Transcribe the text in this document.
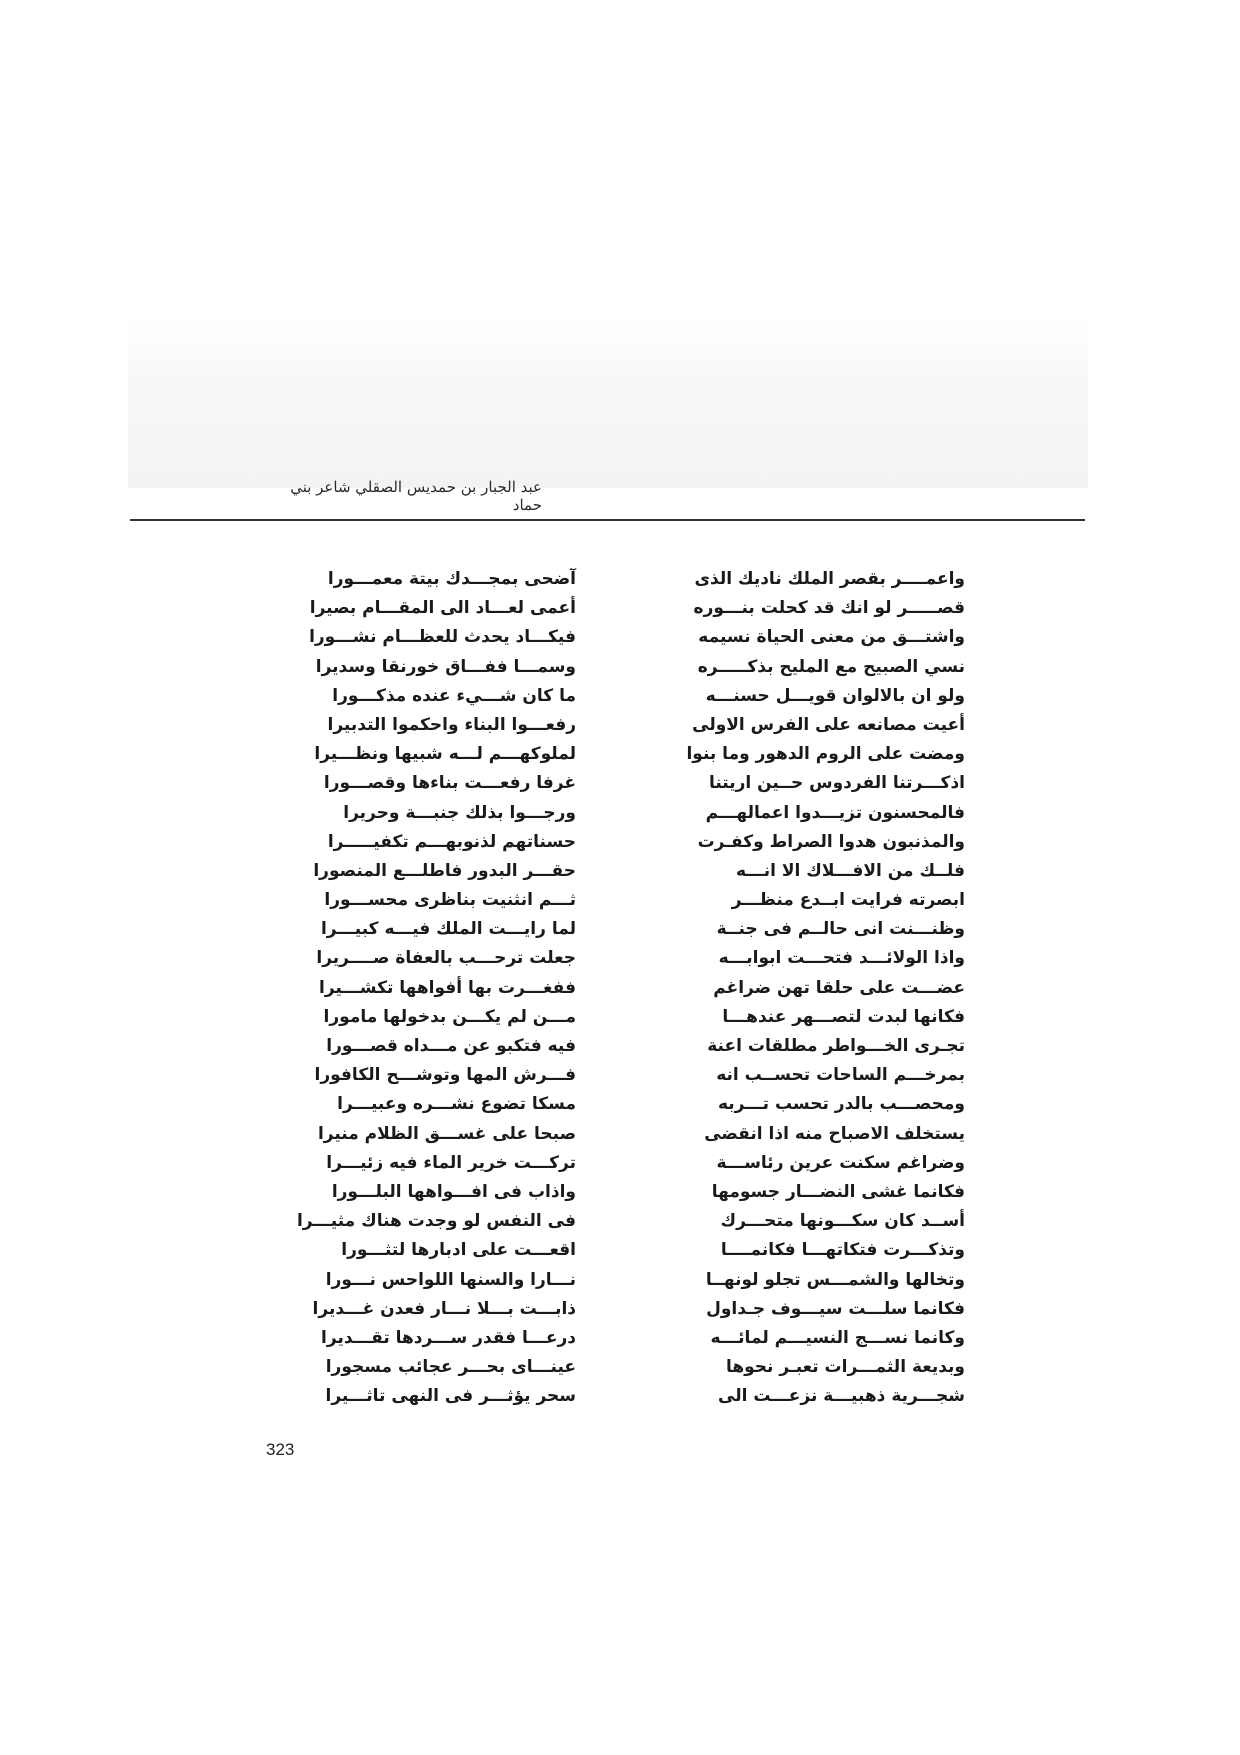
عبد الجبار بن حمديس الصقلي شاعر بني حماد
واعمــــر بقصر الملك ناديك الذى
قصـــــر لو انك قد كحلت بنـــوره
واشتـــق من معنى الحياة نسيمه
نسي الصبيح مع المليح بذكـــــره
ولو ان بالالوان قويـــل حسنـــه
أعيت مصانعه على الفرس الاولى
ومضت على الروم الدهور وما بنوا
اذكـــرتنا الفردوس حــين اريتنا
فالمحسنون تزيـــدوا اعمالهـــم
والمذنبون هدوا الصراط وكفـرت
فلــك من الافـــلاك الا انـــه
ابصرته فرايت ابــدع منظـــر
وظنـــنت انى حالــم فى جنــة
واذا الولائـــد فتحـــت ابوابـــه
عضـــت على حلقا تهن ضراغم
فكانها لبدت لتصـــهر عندهـــا
تجـرى الخـــواطر مطلقات اعنة
بمرخـــم الساحات تحســب انه
ومحصـــب بالدر تحسب تـــربه
يستخلف الاصباح منه اذا انقضى
وضراغم سكنت عرين رئاســـة
فكانما غشى النضـــار جسومها
أســد كان سكـــونها متحـــرك
وتذكـــرت فتكاتهـــا فكانمــــا
وتخالها والشمـــس تجلو لونهــا
فكانما سلـــت سيـــوف جـداول
وكانما نســـج النسيـــم لمائـــه
وبديعة الثمـــرات تعبـر نحوها
شجـــرية ذهبيـــة نزعـــت الى
آضحى بمجـــدك بيتة معمـــورا
أعمى لعـــاد الى المقـــام بصيرا
فيكـــاد يحدث للعظـــام نشـــورا
وسمـــا ففـــاق خورنقا وسديرا
ما كان شـــيء عنده مذكـــورا
رفعـــوا البناء واحكموا التدبيرا
لملوكهـــم لـــه شبيها ونظـــيرا
غرفا رفعـــت بناءها وقصـــورا
ورجـــوا بذلك جنبـــة وحريرا
حسناتهم لذنوبهـــم تكفيـــــرا
حقـــر البدور فاطلـــع المنصورا
ثـــم انثنيت بناظرى محســـورا
لما رايـــت الملك فيـــه كبيـــرا
جعلت ترحـــب بالعفاة صــــريرا
ففغـــرت بها أفواهها تكشـــيرا
مـــن لم يكـــن بدخولها مامورا
فيه فتكبو عن مـــداه قصـــورا
فـــرش المها وتوشـــح الكافورا
مسكا تضوع نشـــره وعبيـــرا
صبحا على غســـق الظلام منيرا
تركـــت خرير الماء فيه زئيـــرا
واذاب فى افـــواهها البلـــورا
فى النفس لو وجدت هناك مثيـــرا
اقعـــت على ادبارها لتثـــورا
نـــارا والسنها اللواحس نـــورا
ذابـــت بـــلا نـــار فعدن غـــديرا
درعـــا فقدر ســـردها تقـــديرا
عينـــاى بحـــر عجائب مسجورا
سحر يؤثـــر فى النهى تاثـــيرا
323
